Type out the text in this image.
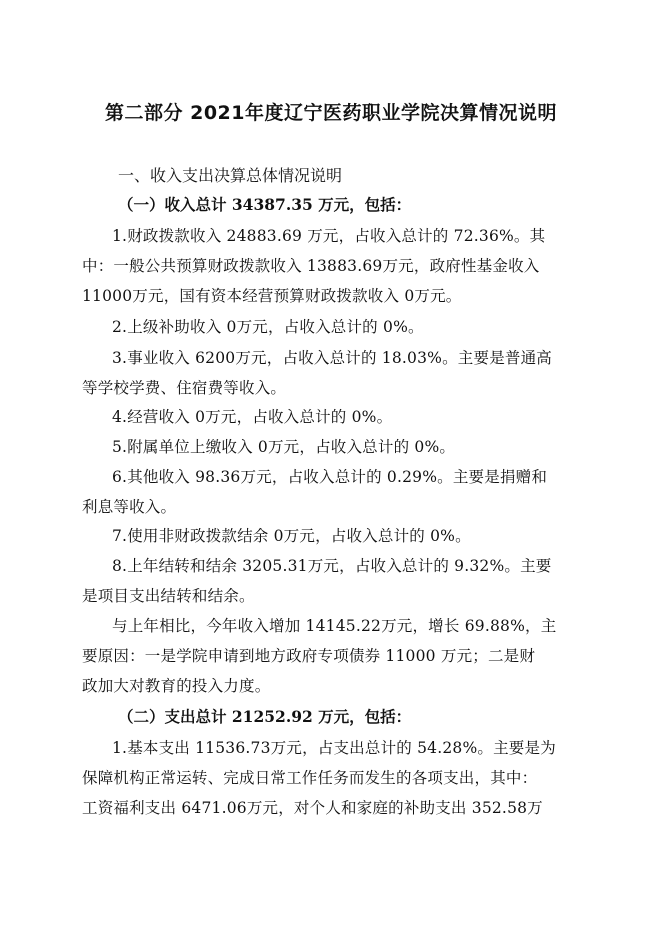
第二部分 2021年度辽宁医药职业学院决算情况说明
一、收入支出决算总体情况说明
（一）收入总计 34387.35 万元，包括：
1.财政拨款收入 24883.69 万元，占收入总计的 72.36%。其
中：一般公共预算财政拨款收入 13883.69万元，政府性基金收入
11000万元，国有资本经营预算财政拨款收入 0万元。
2.上级补助收入 0万元，占收入总计的 0%。
3.事业收入 6200万元，占收入总计的 18.03%。主要是普通高
等学校学费、住宿费等收入。
4.经营收入 0万元，占收入总计的 0%。
5.附属单位上缴收入 0万元，占收入总计的 0%。
6.其他收入 98.36万元，占收入总计的 0.29%。主要是捐赠和
利息等收入。
7.使用非财政拨款结余 0万元，占收入总计的 0%。
8.上年结转和结余 3205.31万元，占收入总计的 9.32%。主要
是项目支出结转和结余。
与上年相比，今年收入增加 14145.22万元，增长 69.88%，主
要原因：一是学院申请到地方政府专项债券 11000 万元；二是财
政加大对教育的投入力度。
（二）支出总计 21252.92 万元，包括：
1.基本支出 11536.73万元，占支出总计的 54.28%。主要是为
保障机构正常运转、完成日常工作任务而发生的各项支出，其中：
工资福利支出 6471.06万元，对个人和家庭的补助支出 352.58万
